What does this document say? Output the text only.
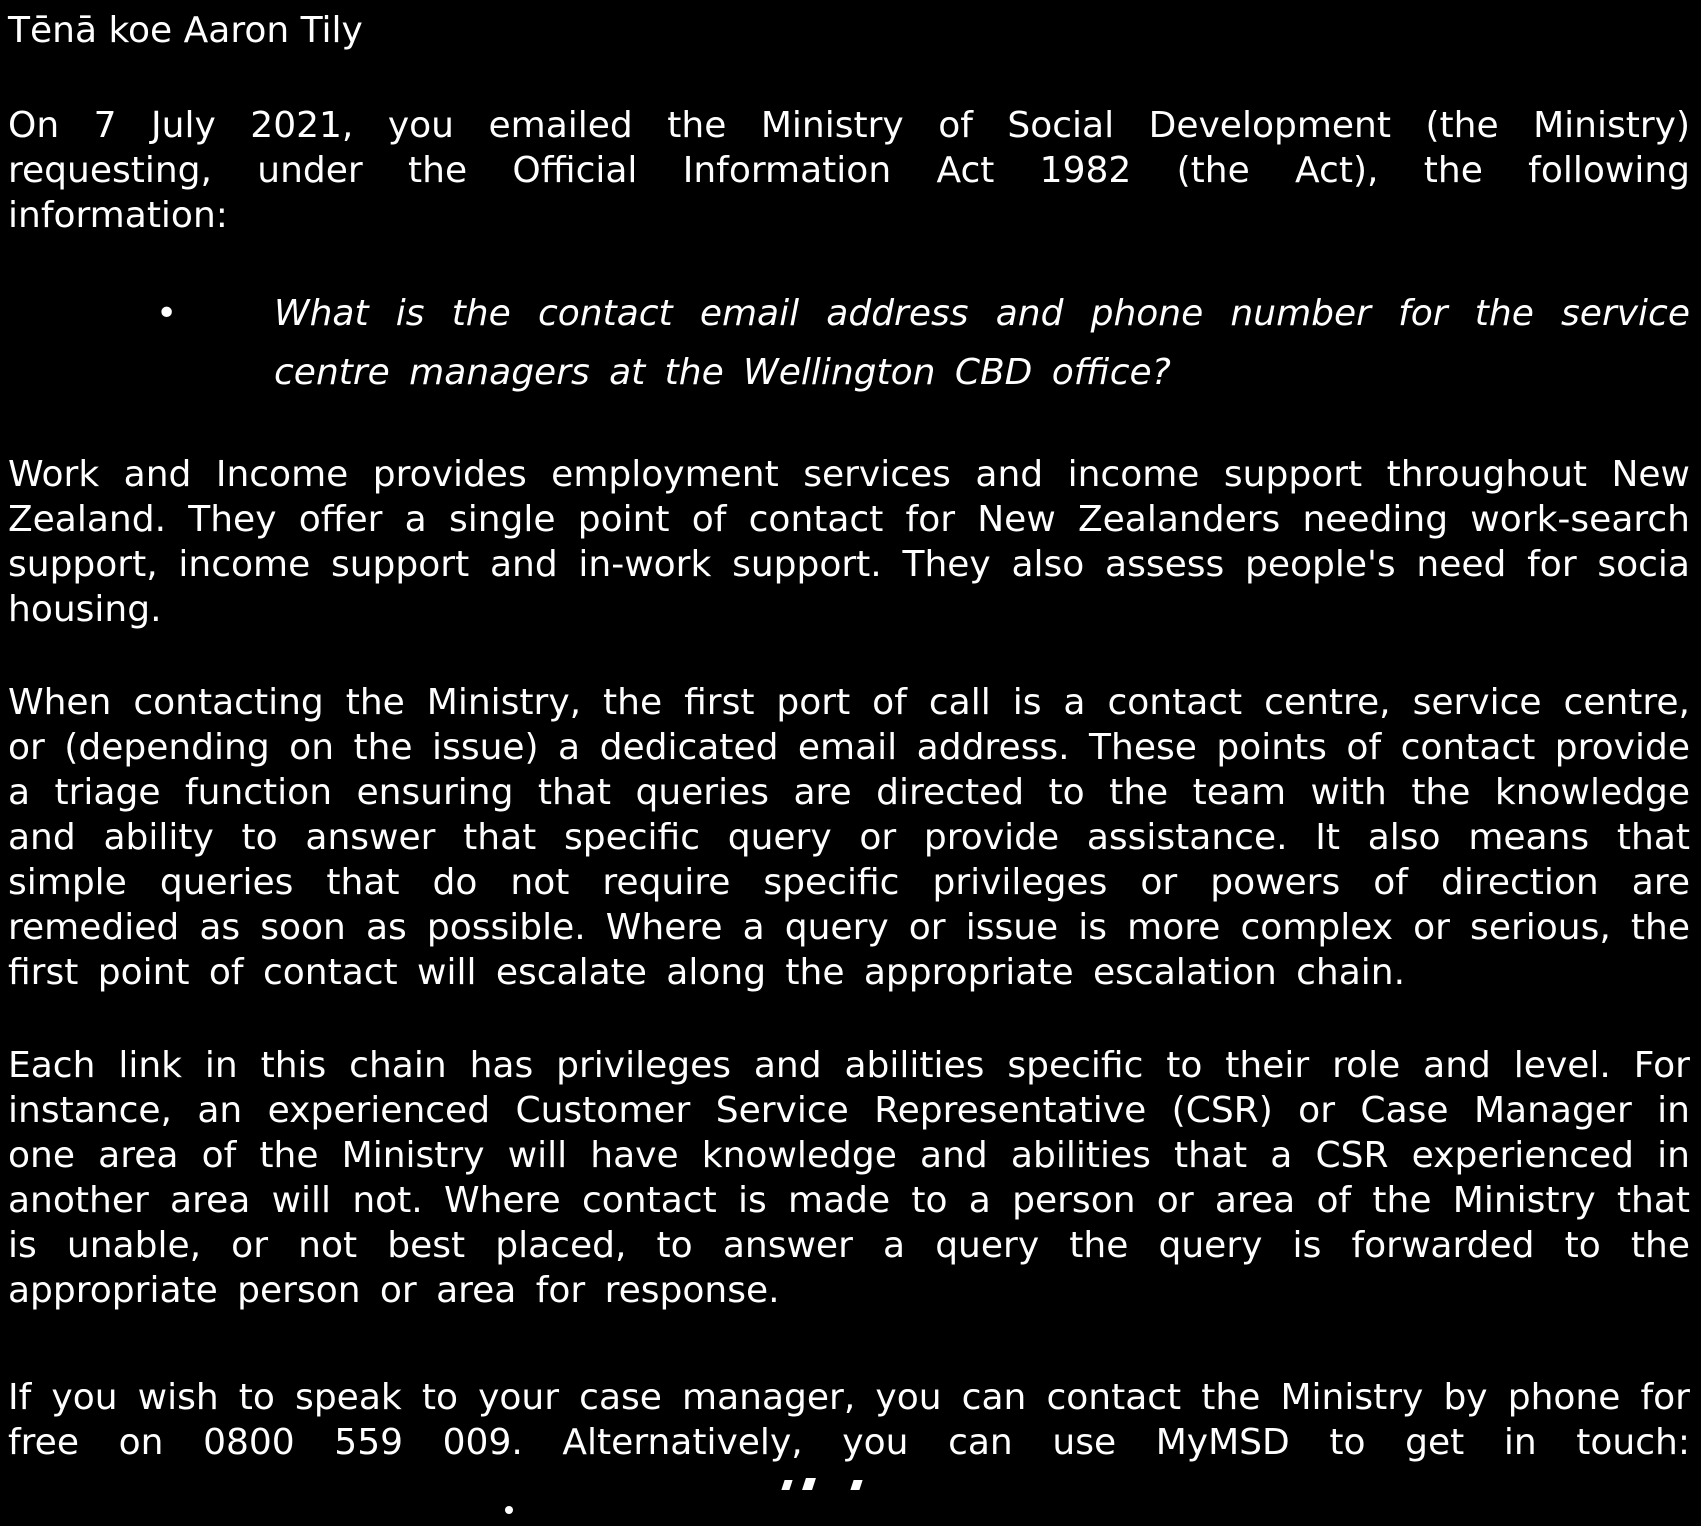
Tēnā koe Aaron Tily

On 7 July 2021, you emailed the Ministry of Social Development (the Ministry) requesting, under the Official Information Act 1982 (the Act), the following information:

•	What is the contact email address and phone number for the service centre managers at the Wellington CBD office?

Work and Income provides employment services and income support throughout New Zealand. They offer a single point of contact for New Zealanders needing work-search support, income support and in-work support. They also assess people's need for socia housing.

When contacting the Ministry, the first port of call is a contact centre, service centre, or (depending on the issue) a dedicated email address. These points of contact provide a triage function ensuring that queries are directed to the team with the knowledge and ability to answer that specific query or provide assistance. It also means that simple queries that do not require specific privileges or powers of direction are remedied as soon as possible. Where a query or issue is more complex or serious, the first point of contact will escalate along the appropriate escalation chain.

Each link in this chain has privileges and abilities specific to their role and level. For instance, an experienced Customer Service Representative (CSR) or Case Manager in one area of the Ministry will have knowledge and abilities that a CSR experienced in another area will not. Where contact is made to a person or area of the Ministry that is unable, or not best placed, to answer a query the query is forwarded to the appropriate person or area for response.

If you wish to speak to your case manager, you can contact the Ministry by phone for free on 0800 559 009. Alternatively, you can use MyMSD to get in touch:
